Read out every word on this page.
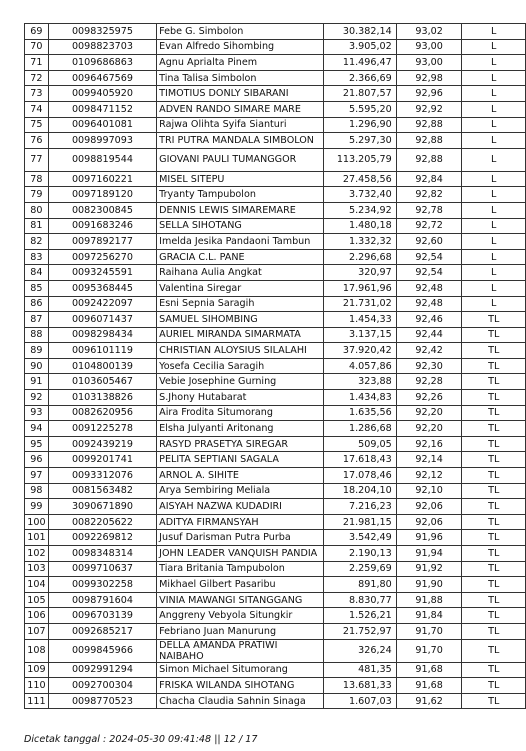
69	0098325975	Febe G. Simbolon	30.382,14	93,02	L
70	0098823703	Evan Alfredo Sihombing	3.905,02	93,00	L
71	0109686863	Agnu Aprialta Pinem	11.496,47	93,00	L
72	0096467569	Tina Talisa Simbolon	2.366,69	92,98	L
73	0099405920	TIMOTIUS DONLY SIBARANI	21.807,57	92,96	L
74	0098471152	ADVEN RANDO SIMARE MARE	5.595,20	92,92	L
75	0096401081	Rajwa Olihta Syifa Sianturi	1.296,90	92,88	L
76	0098997093	TRI PUTRA MANDALA SIMBOLON	5.297,30	92,88	L
77	0098819544	GIOVANI PAULI TUMANGGOR	113.205,79	92,88	L
78	0097160221	MISEL SITEPU	27.458,56	92,84	L
79	0097189120	Tryanty Tampubolon	3.732,40	92,82	L
80	0082300845	DENNIS LEWIS SIMAREMARE	5.234,92	92,78	L
81	0091683246	SELLA SIHOTANG	1.480,18	92,72	L
82	0097892177	Imelda Jesika Pandaoni Tambun	1.332,32	92,60	L
83	0097256270	GRACIA C.L. PANE	2.296,68	92,54	L
84	0093245591	Raihana Aulia Angkat	320,97	92,54	L
85	0095368445	Valentina Siregar	17.961,96	92,48	L
86	0092422097	Esni Sepnia Saragih	21.731,02	92,48	L
87	0096071437	SAMUEL SIHOMBING	1.454,33	92,46	TL
88	0098298434	AURIEL MIRANDA SIMARMATA	3.137,15	92,44	TL
89	0096101119	CHRISTIAN ALOYSIUS SILALAHI	37.920,42	92,42	TL
90	0104800139	Yosefa Cecilia Saragih	4.057,86	92,30	TL
91	0103605467	Vebie Josephine Gurning	323,88	92,28	TL
92	0103138826	S.Jhony Hutabarat	1.434,83	92,26	TL
93	0082620956	Aira Frodita Situmorang	1.635,56	92,20	TL
94	0091225278	Elsha Julyanti Aritonang	1.286,68	92,20	TL
95	0092439219	RASYD PRASETYA SIREGAR	509,05	92,16	TL
96	0099201741	PELITA SEPTIANI SAGALA	17.618,43	92,14	TL
97	0093312076	ARNOL A. SIHITE	17.078,46	92,12	TL
98	0081563482	Arya Sembiring Meliala	18.204,10	92,10	TL
99	3090671890	AISYAH NAZWA KUDADIRI	7.216,23	92,06	TL
100	0082205622	ADITYA FIRMANSYAH	21.981,15	92,06	TL
101	0092269812	Jusuf Darisman Putra Purba	3.542,49	91,96	TL
102	0098348314	JOHN LEADER VANQUISH PANDIA	2.190,13	91,94	TL
103	0099710637	Tiara Britania Tampubolon	2.259,69	91,92	TL
104	0099302258	Mikhael Gilbert Pasaribu	891,80	91,90	TL
105	0098791604	VINIA MAWANGI SITANGGANG	8.830,77	91,88	TL
106	0096703139	Anggreny Vebyola Situngkir	1.526,21	91,84	TL
107	0092685217	Febriano Juan Manurung	21.752,97	91,70	TL
108	0099845966	DELLA AMANDA PRATIWI NAIBAHO	326,24	91,70	TL
109	0092991294	Simon Michael Situmorang	481,35	91,68	TL
110	0092700304	FRISKA WILANDA SIHOTANG	13.681,33	91,68	TL
111	0098770523	Chacha Claudia Sahnin Sinaga	1.607,03	91,62	TL
Dicetak tanggal : 2024-05-30 09:41:48 || 12 / 17
